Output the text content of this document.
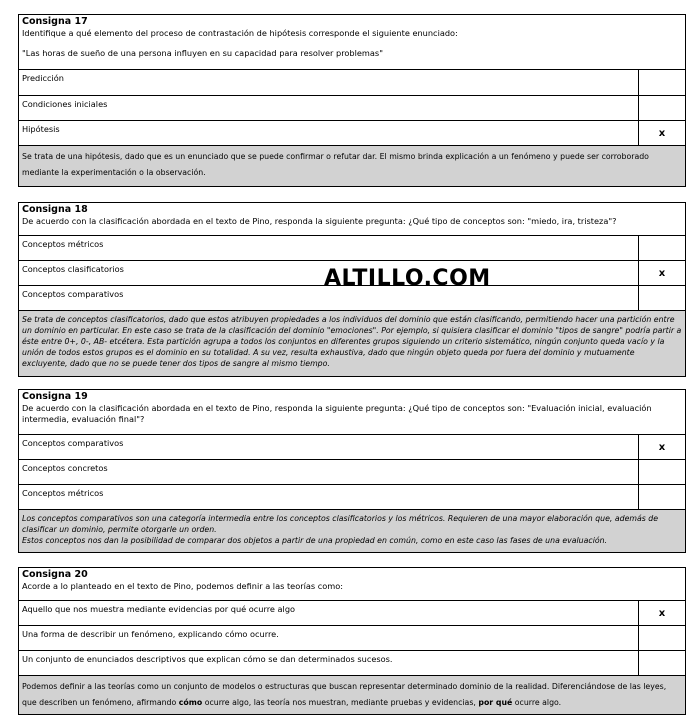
Consigna 17
Identifique a qué elemento del proceso de contrastación de hipótesis corresponde el siguiente enunciado:
"Las horas de sueño de una persona influyen en su capacidad para resolver problemas"
Predicción
Condiciones iniciales
Hipótesis	x
Se trata de una hipótesis, dado que es un enunciado que se puede confirmar o refutar dar. El mismo brinda explicación a un fenómeno y puede ser corroborado mediante la experimentación o la observación.
Consigna 18
De acuerdo con la clasificación abordada en el texto de Pino, responda la siguiente pregunta: ¿Qué tipo de conceptos son: "miedo, ira, tristeza"?
Conceptos métricos
Conceptos clasificatorios	x
Conceptos comparativos
Se trata de conceptos clasificatorios, dado que estos atribuyen propiedades a los individuos del dominio que están clasificando, permitiendo hacer una partición entre un dominio en particular. En este caso se trata de la clasificación del dominio "emociones". Por ejemplo, si quisiera clasificar el dominio "tipos de sangre" podría partir a éste entre 0+, 0-, AB- etcétera. Esta partición agrupa a todos los conjuntos en diferentes grupos siguiendo un criterio sistemático, ningún conjunto queda vacío y la unión de todos estos grupos es el dominio en su totalidad. A su vez, resulta exhaustiva, dado que ningún objeto queda por fuera del dominio y mutuamente excluyente, dado que no se puede tener dos tipos de sangre al mismo tiempo.
ALTILLO.COM
Consigna 19
De acuerdo con la clasificación abordada en el texto de Pino, responda la siguiente pregunta: ¿Qué tipo de conceptos son: "Evaluación inicial, evaluación intermedia, evaluación final"?
Conceptos comparativos	x
Conceptos concretos
Conceptos métricos
Los conceptos comparativos son una categoría intermedia entre los conceptos clasificatorios y los métricos. Requieren de una mayor elaboración que, además de clasificar un dominio, permite otorgarle un orden.
Estos conceptos nos dan la posibilidad de comparar dos objetos a partir de una propiedad en común, como en este caso las fases de una evaluación.
Consigna 20
Acorde a lo planteado en el texto de Pino, podemos definir a las teorías como:
Aquello que nos muestra mediante evidencias por qué ocurre algo	x
Una forma de describir un fenómeno, explicando cómo ocurre.
Un conjunto de enunciados descriptivos que explican cómo se dan determinados sucesos.
Podemos definir a las teorías como un conjunto de modelos o estructuras que buscan representar determinado dominio de la realidad. Diferenciándose de las leyes, que describen un fenómeno, afirmando cómo ocurre algo, las teoría nos muestran, mediante pruebas y evidencias, por qué ocurre algo.
